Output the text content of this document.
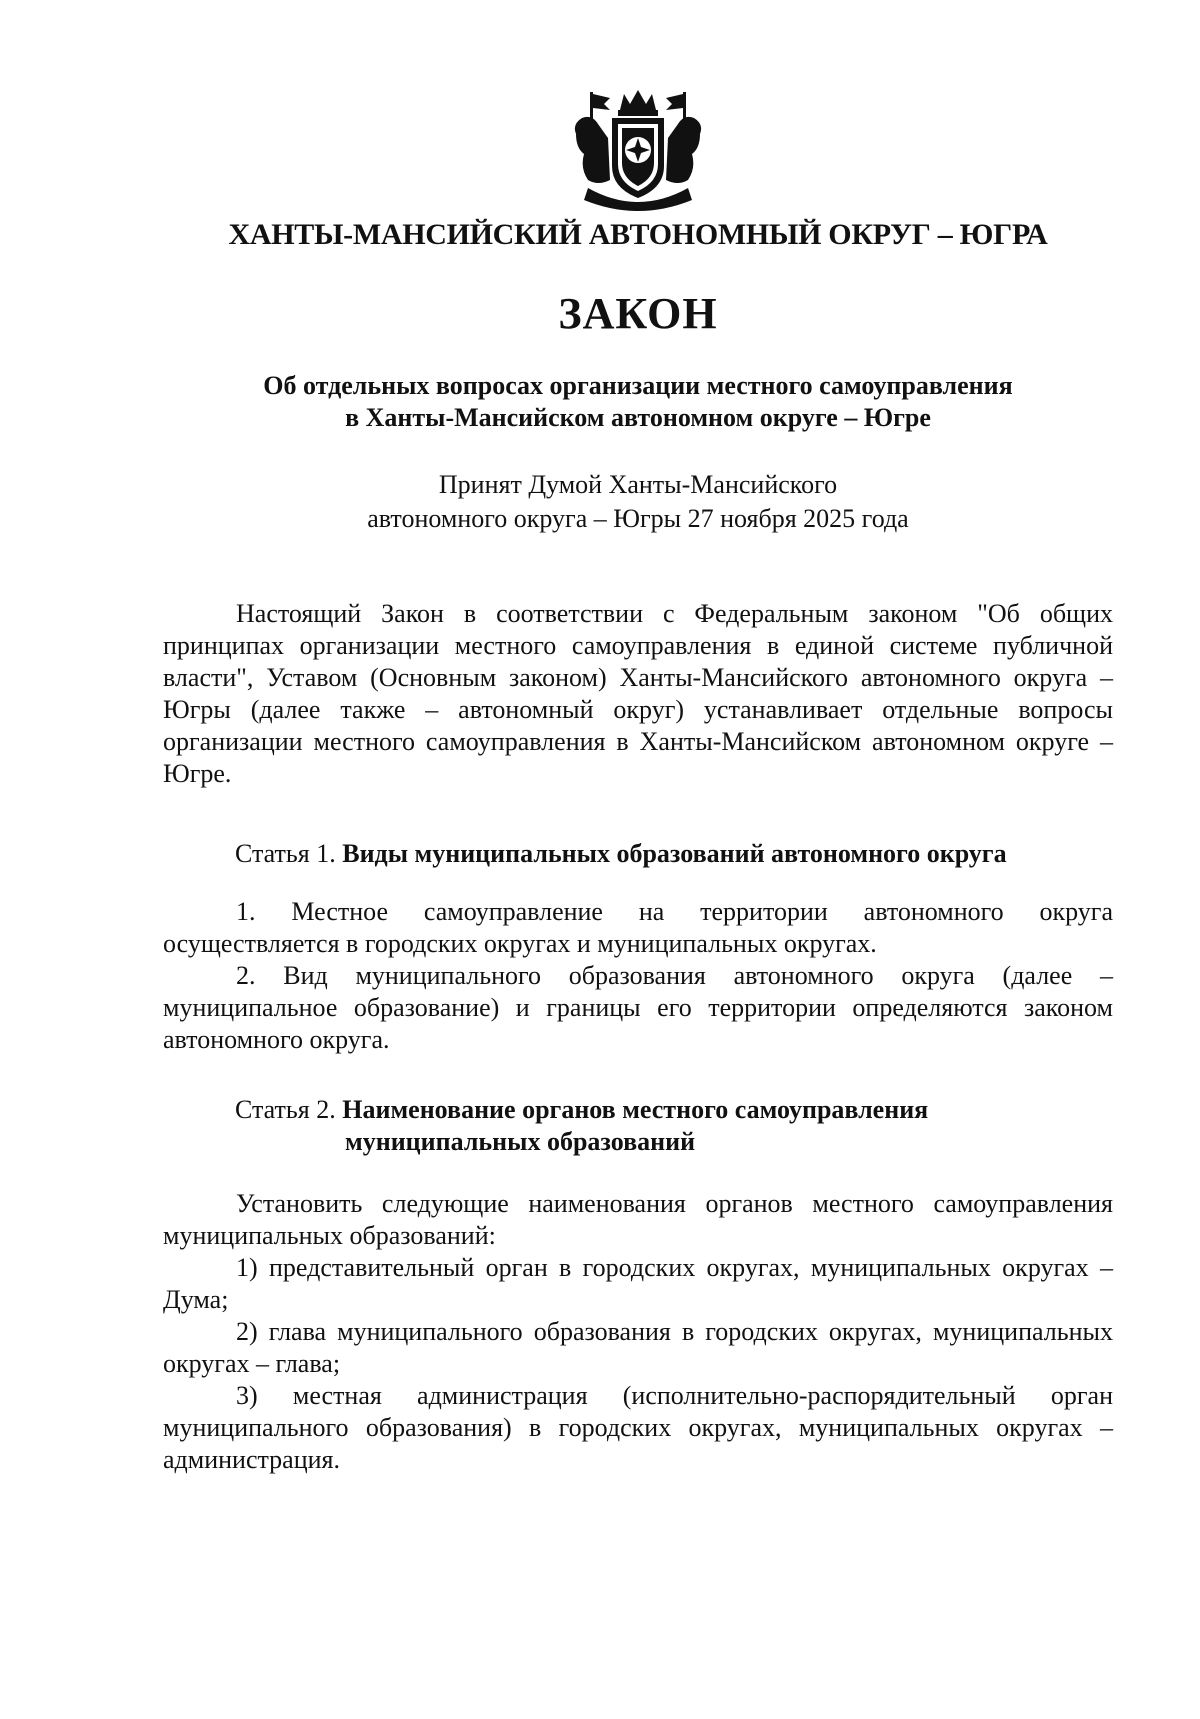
ХАНТЫ-МАНСИЙСКИЙ АВТОНОМНЫЙ ОКРУГ – ЮГРА
ЗАКОН
Об отдельных вопросах организации местного самоуправления
в Ханты-Мансийском автономном округе – Югре
Принят Думой Ханты-Мансийского
автономного округа – Югры 27 ноября 2025 года
Настоящий Закон в соответствии с Федеральным законом "Об общих принципах организации местного самоуправления в единой системе публичной власти", Уставом (Основным законом) Ханты-Мансийского автономного округа – Югры (далее также – автономный округ) устанавливает отдельные вопросы организации местного самоуправления в Ханты-Мансийском автономном округе – Югре.
Статья 1. Виды муниципальных образований автономного округа
1. Местное самоуправление на территории автономного округа осуществляется в городских округах и муниципальных округах.
2. Вид муниципального образования автономного округа (далее – муниципальное образование) и границы его территории определяются законом автономного округа.
Статья 2. Наименование органов местного самоуправления
муниципальных образований
Установить следующие наименования органов местного самоуправления муниципальных образований:
1) представительный орган в городских округах, муниципальных округах – Дума;
2) глава муниципального образования в городских округах, муниципальных округах – глава;
3) местная администрация (исполнительно-распорядительный орган муниципального образования) в городских округах, муниципальных округах – администрация.
